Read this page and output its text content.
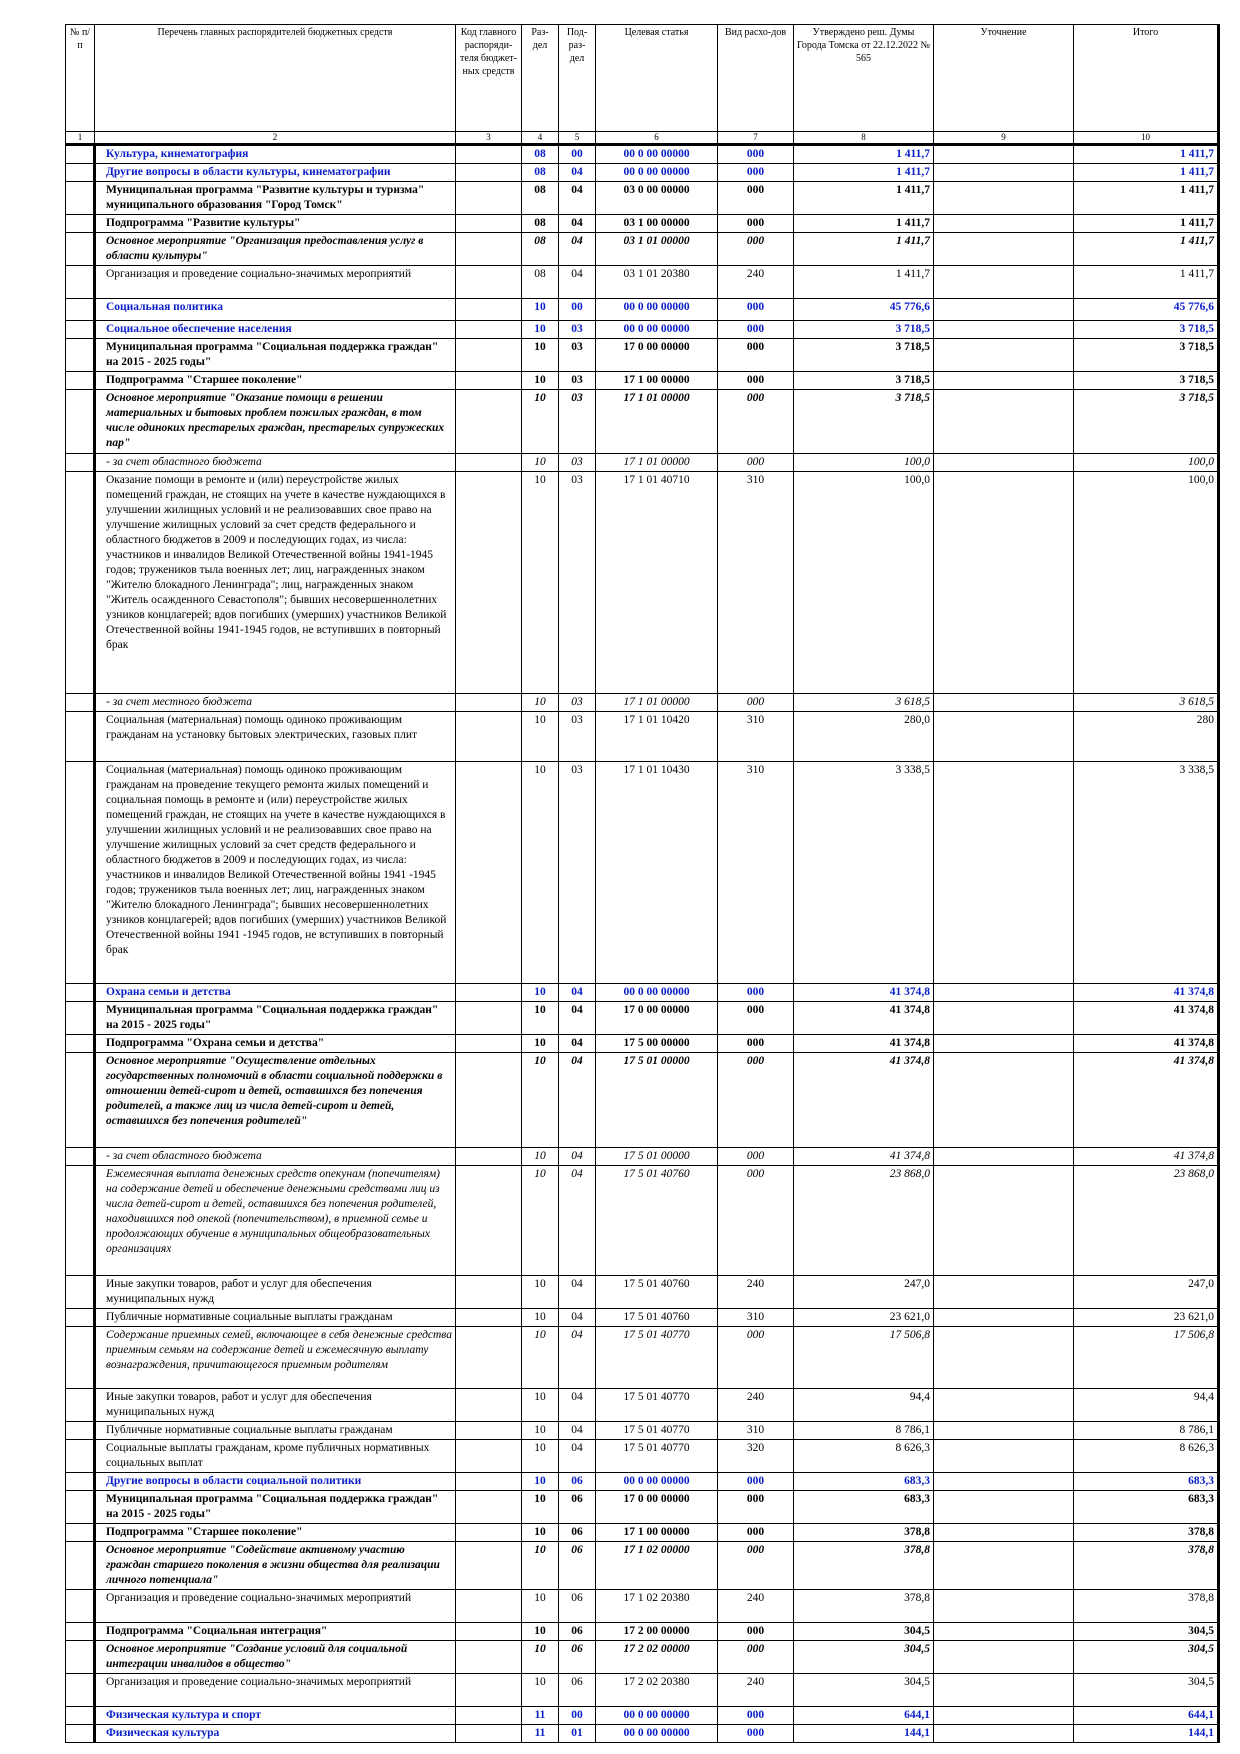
№ п/п	Перечень главных распорядителей бюджетных средств	Код главного распоряди-теля бюджет-ных средств	Раз-дел	Под-раз-дел	Целевая статья	Вид расхо-дов	Утверждено реш. Думы Города Томска от 22.12.2022 № 565	Уточнение	Итого
1	2	3	4	5	6	7	8	9	10
	Культура, кинематография		08	00	00 0 00 00000	000	1 411,7		1 411,7
	Другие вопросы в области культуры, кинематографии		08	04	00 0 00 00000	000	1 411,7		1 411,7
	Муниципальная программа "Развитие культуры и туризма" муниципального образования "Город Томск"		08	04	03 0 00 00000	000	1 411,7		1 411,7
	Подпрограмма "Развитие культуры"		08	04	03 1 00 00000	000	1 411,7		1 411,7
	Основное мероприятие "Организация предоставления услуг в области культуры"		08	04	03 1 01 00000	000	1 411,7		1 411,7
	Организация и проведение социально-значимых мероприятий		08	04	03 1 01 20380	240	1 411,7		1 411,7
	Социальная политика		10	00	00 0 00 00000	000	45 776,6		45 776,6
	Социальное обеспечение населения		10	03	00 0 00 00000	000	3 718,5		3 718,5
	Муниципальная программа "Социальная поддержка граждан" на 2015 - 2025 годы"		10	03	17 0 00 00000	000	3 718,5		3 718,5
	Подпрограмма "Старшее поколение"		10	03	17 1 00 00000	000	3 718,5		3 718,5
	Основное мероприятие "Оказание помощи в решении материальных и бытовых проблем пожилых граждан, в том числе одиноких престарелых граждан, престарелых супружеских пар"		10	03	17 1 01 00000	000	3 718,5		3 718,5
	- за счет областного бюджета		10	03	17 1 01 00000	000	100,0		100,0
	Оказание помощи в ремонте и (или) переустройстве жилых помещений граждан, не стоящих на учете в качестве нуждающихся в улучшении жилищных условий и не реализовавших свое право на улучшение жилищных условий за счет средств федерального и областного бюджетов в 2009 и последующих годах, из числа: участников и инвалидов Великой Отечественной войны 1941-1945 годов; тружеников тыла военных лет; лиц, награжденных знаком "Жителю блокадного Ленинграда"; лиц, награжденных знаком "Житель осажденного Севастополя"; бывших несовершеннолетних узников концлагерей; вдов погибших (умерших) участников Великой Отечественной войны 1941-1945 годов, не вступивших в повторный брак		10	03	17 1 01 40710	310	100,0		100,0
	- за счет местного бюджета		10	03	17 1 01 00000	000	3 618,5		3 618,5
	Социальная (материальная) помощь одиноко проживающим гражданам на установку бытовых электрических, газовых плит		10	03	17 1 01 10420	310	280,0		280
	Социальная (материальная) помощь одиноко проживающим гражданам на проведение текущего ремонта жилых помещений и социальная помощь в ремонте и (или) переустройстве жилых помещений граждан, не стоящих на учете в качестве нуждающихся в улучшении жилищных условий и не реализовавших свое право на улучшение жилищных условий за счет средств федерального и областного бюджетов в 2009 и последующих годах, из числа: участников и инвалидов Великой Отечественной войны 1941 -1945 годов; тружеников тыла военных лет; лиц, награжденных знаком "Жителю блокадного Ленинграда"; бывших несовершеннолетних узников концлагерей; вдов погибших (умерших) участников Великой Отечественной войны 1941 -1945 годов, не вступивших в повторный брак		10	03	17 1 01 10430	310	3 338,5		3 338,5
	Охрана семьи и детства		10	04	00 0 00 00000	000	41 374,8		41 374,8
	Муниципальная программа "Социальная поддержка граждан" на 2015 - 2025 годы"		10	04	17 0 00 00000	000	41 374,8		41 374,8
	Подпрограмма "Охрана семьи и детства"		10	04	17 5 00 00000	000	41 374,8		41 374,8
	Основное мероприятие "Осуществление отдельных государственных полномочий в области социальной поддержки в отношении детей-сирот и детей, оставшихся без попечения родителей, а также лиц из числа детей-сирот и детей, оставшихся без попечения родителей"		10	04	17 5 01 00000	000	41 374,8		41 374,8
	- за счет областного бюджета		10	04	17 5 01 00000	000	41 374,8		41 374,8
	Ежемесячная выплата денежных средств опекунам (попечителям) на содержание детей и обеспечение денежными средствами лиц из числа детей-сирот и детей, оставшихся без попечения родителей, находившихся под опекой (попечительством), в приемной семье и продолжающих обучение в муниципальных общеобразовательных организациях		10	04	17 5 01 40760	000	23 868,0		23 868,0
	Иные закупки товаров, работ и услуг для обеспечения муниципальных нужд		10	04	17 5 01 40760	240	247,0		247,0
	Публичные нормативные социальные выплаты гражданам		10	04	17 5 01 40760	310	23 621,0		23 621,0
	Содержание приемных семей, включающее в себя денежные средства приемным семьям на содержание детей и ежемесячную выплату вознаграждения, причитающегося приемным родителям		10	04	17 5 01 40770	000	17 506,8		17 506,8
	Иные закупки товаров, работ и услуг для обеспечения муниципальных нужд		10	04	17 5 01 40770	240	94,4		94,4
	Публичные нормативные социальные выплаты гражданам		10	04	17 5 01 40770	310	8 786,1		8 786,1
	Социальные выплаты гражданам, кроме публичных нормативных социальных выплат		10	04	17 5 01 40770	320	8 626,3		8 626,3
	Другие вопросы в области социальной политики		10	06	00 0 00 00000	000	683,3		683,3
	Муниципальная программа "Социальная поддержка граждан" на 2015 - 2025 годы"		10	06	17 0 00 00000	000	683,3		683,3
	Подпрограмма "Старшее поколение"		10	06	17 1 00 00000	000	378,8		378,8
	Основное мероприятие "Содействие активному участию граждан старшего поколения в жизни общества для реализации личного потенциала"		10	06	17 1 02 00000	000	378,8		378,8
	Организация и проведение социально-значимых мероприятий		10	06	17 1 02 20380	240	378,8		378,8
	Подпрограмма "Социальная интеграция"		10	06	17 2 00 00000	000	304,5		304,5
	Основное мероприятие "Создание условий для социальной интеграции инвалидов в общество"		10	06	17 2 02 00000	000	304,5		304,5
	Организация и проведение социально-значимых мероприятий		10	06	17 2 02 20380	240	304,5		304,5
	Физическая культура и спорт		11	00	00 0 00 00000	000	644,1		644,1
	Физическая культура		11	01	00 0 00 00000	000	144,1		144,1
